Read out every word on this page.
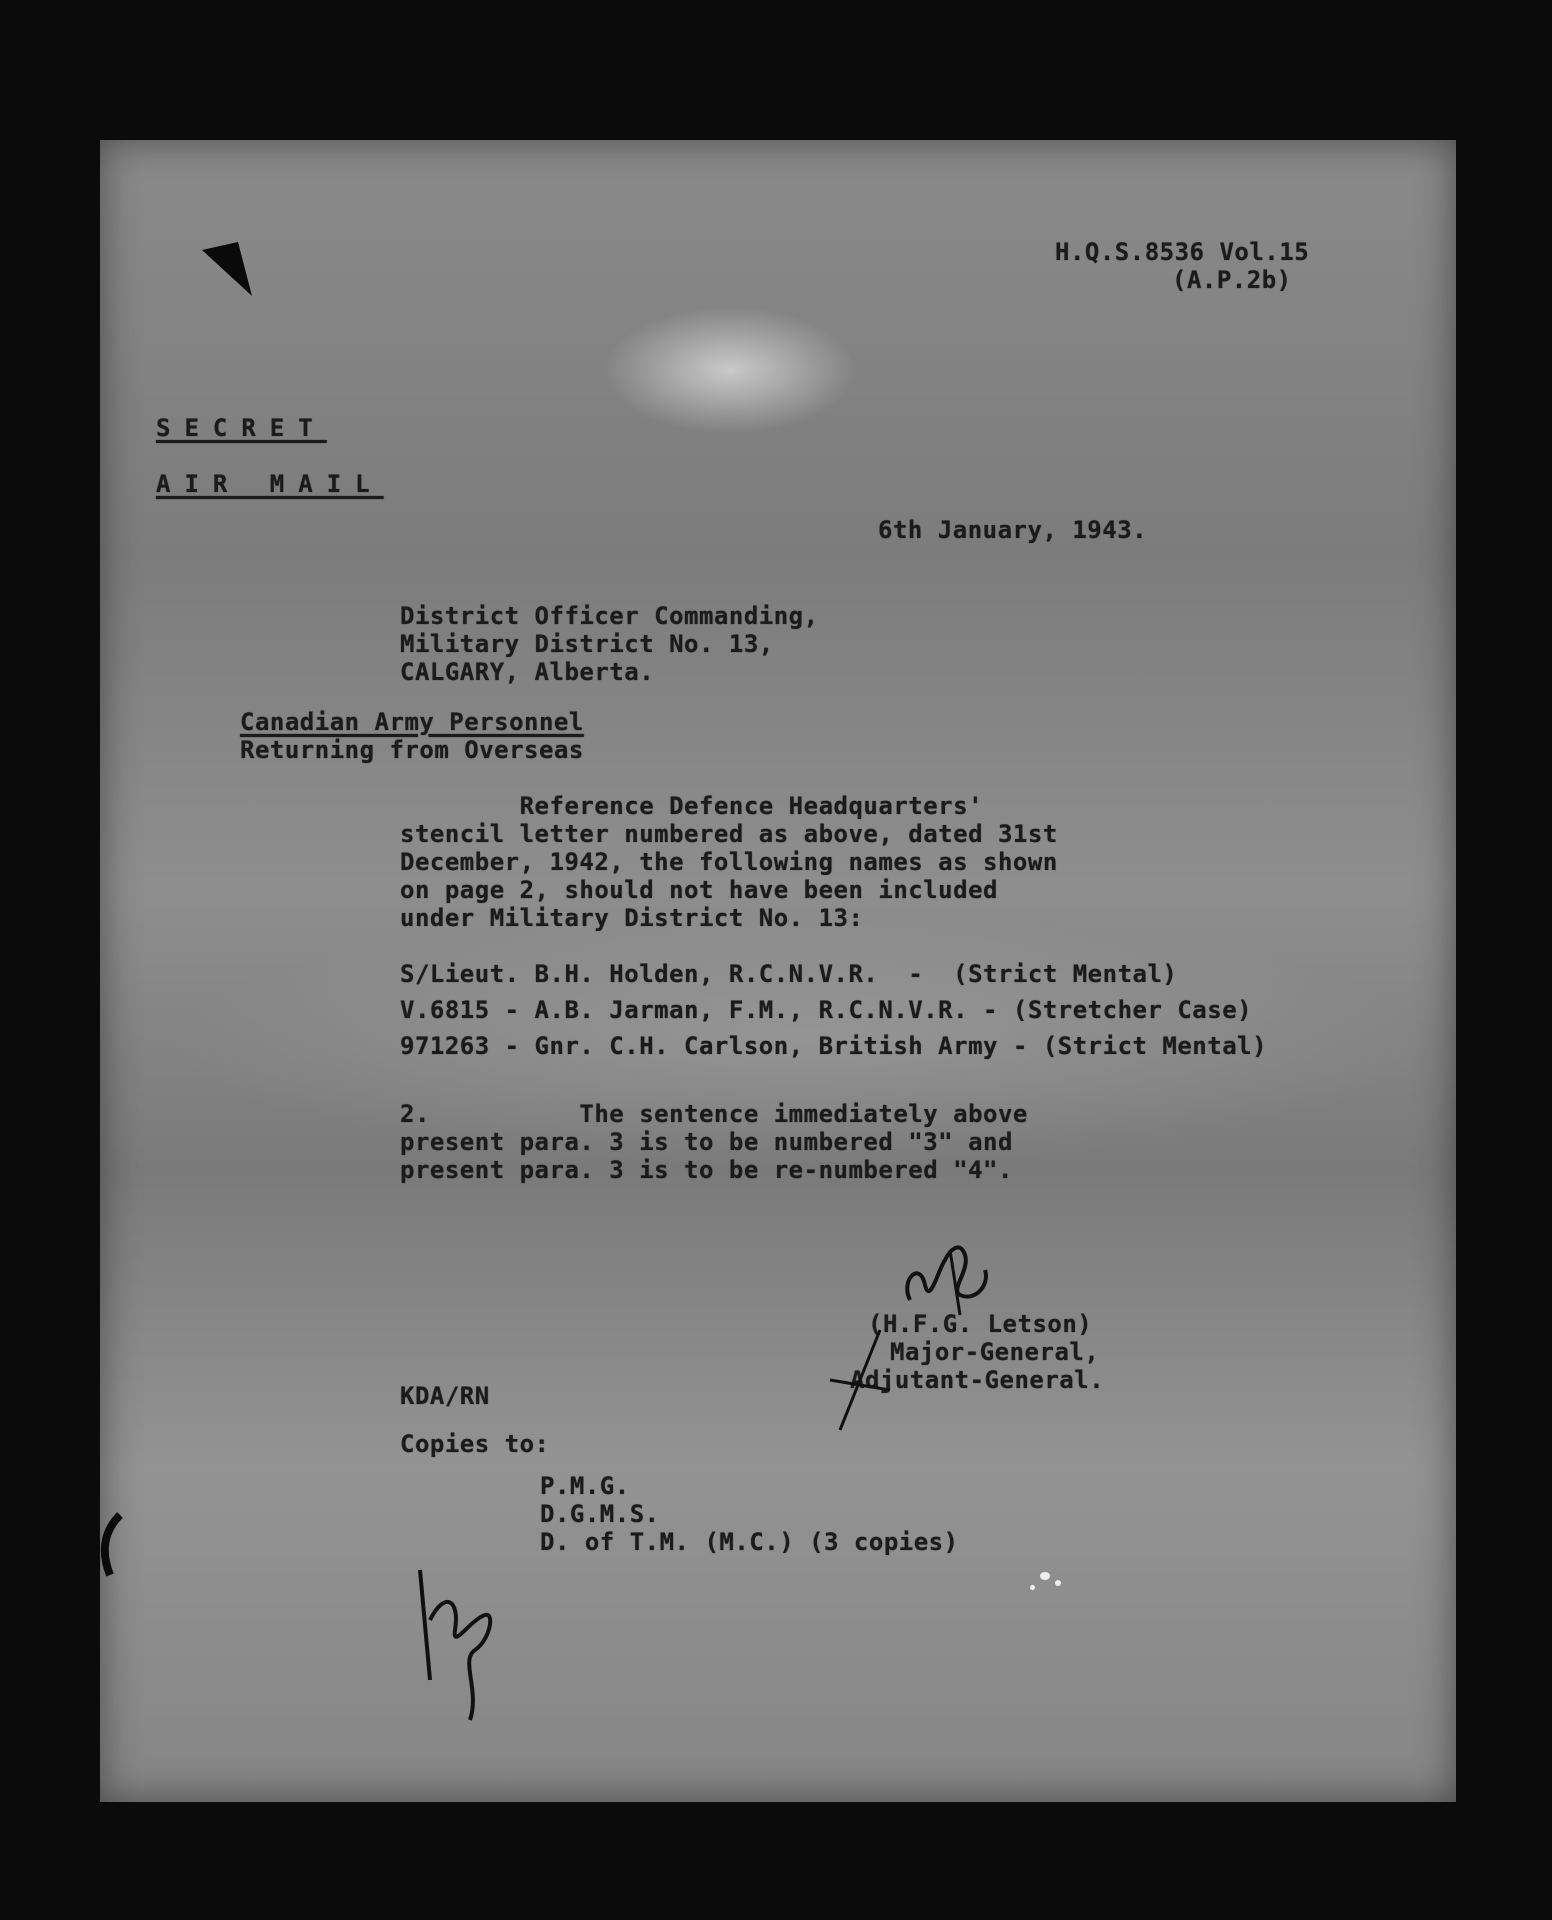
H.Q.S.8536 Vol.15
(A.P.2b)
SECRET
AIR MAIL
6th January, 1943.
District Officer Commanding,
Military District No. 13,
CALGARY, Alberta.
Canadian Army Personnel
Returning from Overseas
Reference Defence Headquarters'
stencil letter numbered as above, dated 31st
December, 1942, the following names as shown
on page 2, should not have been included
under Military District No. 13:
S/Lieut. B.H. Holden, R.C.N.V.R.  -  (Strict Mental)
V.6815 - A.B. Jarman, F.M., R.C.N.V.R. - (Stretcher Case)
971263 - Gnr. C.H. Carlson, British Army - (Strict Mental)
2.          The sentence immediately above
present para. 3 is to be numbered "3" and
present para. 3 is to be re-numbered "4".
(H.F.G. Letson)
Major-General,
Adjutant-General.
KDA/RN
Copies to:
P.M.G.
D.G.M.S.
D. of T.M. (M.C.) (3 copies)
